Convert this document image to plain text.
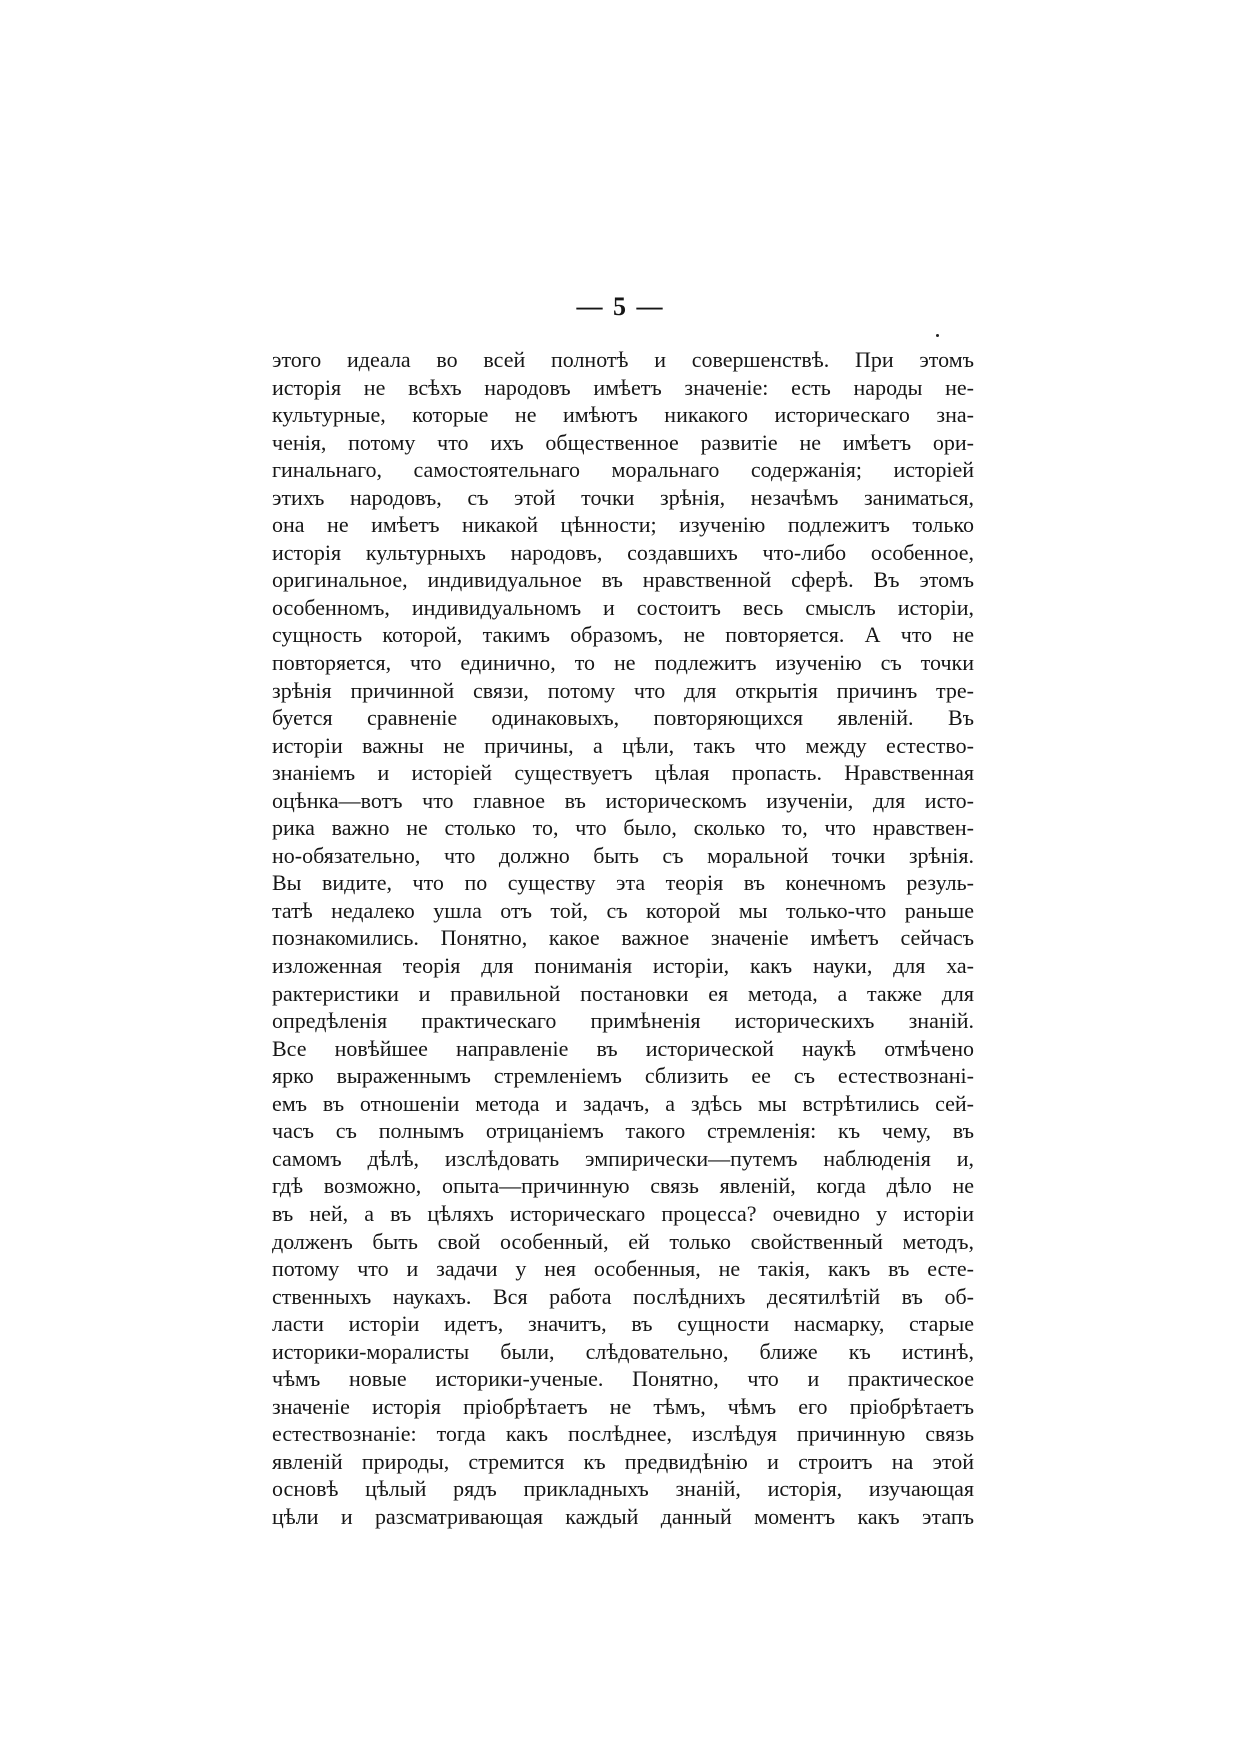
— 5 —
этого идеала во всей полнотѣ и совершенствѣ. При этомъ
исторія не всѣхъ народовъ имѣетъ значеніе: есть народы не-
культурные, которые не имѣютъ никакого историческаго зна-
ченія, потому что ихъ общественное развитіе не имѣетъ ори-
гинальнаго, самостоятельнаго моральнаго содержанія; исторіей
этихъ народовъ, съ этой точки зрѣнія, незачѣмъ заниматься,
она не имѣетъ никакой цѣнности; изученію подлежитъ только
исторія культурныхъ народовъ, создавшихъ что-либо особенное,
оригинальное, индивидуальное въ нравственной сферѣ. Въ этомъ
особенномъ, индивидуальномъ и состоитъ весь смыслъ исторіи,
сущность которой, такимъ образомъ, не повторяется. А что не
повторяется, что единично, то не подлежитъ изученію съ точки
зрѣнія причинной связи, потому что для открытія причинъ тре-
буется сравненіе одинаковыхъ, повторяющихся явленій. Въ
исторіи важны не причины, а цѣли, такъ что между естество-
знаніемъ и исторіей существуетъ цѣлая пропасть. Нравственная
оцѣнка—вотъ что главное въ историческомъ изученіи, для исто-
рика важно не столько то, что было, сколько то, что нравствен-
но-обязательно, что должно быть съ моральной точки зрѣнія.
Вы видите, что по существу эта теорія въ конечномъ резуль-
татѣ недалеко ушла отъ той, съ которой мы только-что раньше
познакомились. Понятно, какое важное значеніе имѣетъ сейчасъ
изложенная теорія для пониманія исторіи, какъ науки, для ха-
рактеристики и правильной постановки ея метода, а также для
опредѣленія практическаго примѣненія историческихъ знаній.
Все новѣйшее направленіе въ исторической наукѣ отмѣчено
ярко выраженнымъ стремленіемъ сблизить ее съ естествознані-
емъ въ отношеніи метода и задачъ, а здѣсь мы встрѣтились сей-
часъ съ полнымъ отрицаніемъ такого стремленія: къ чему, въ
самомъ дѣлѣ, изслѣдовать эмпирически—путемъ наблюденія и,
гдѣ возможно, опыта—причинную связь явленій, когда дѣло не
въ ней, а въ цѣляхъ историческаго процесса? очевидно у исторіи
долженъ быть свой особенный, ей только свойственный методъ,
потому что и задачи у нея особенныя, не такія, какъ въ есте-
ственныхъ наукахъ. Вся работа послѣднихъ десятилѣтій въ об-
ласти исторіи идетъ, значитъ, въ сущности насмарку, старые
историки-моралисты были, слѣдовательно, ближе къ истинѣ,
чѣмъ новые историки-ученые. Понятно, что и практическое
значеніе исторія пріобрѣтаетъ не тѣмъ, чѣмъ его пріобрѣтаетъ
естествознаніе: тогда какъ послѣднее, изслѣдуя причинную связь
явленій природы, стремится къ предвидѣнію и строитъ на этой
основѣ цѣлый рядъ прикладныхъ знаній, исторія, изучающая
цѣли и разсматривающая каждый данный моментъ какъ этапъ
